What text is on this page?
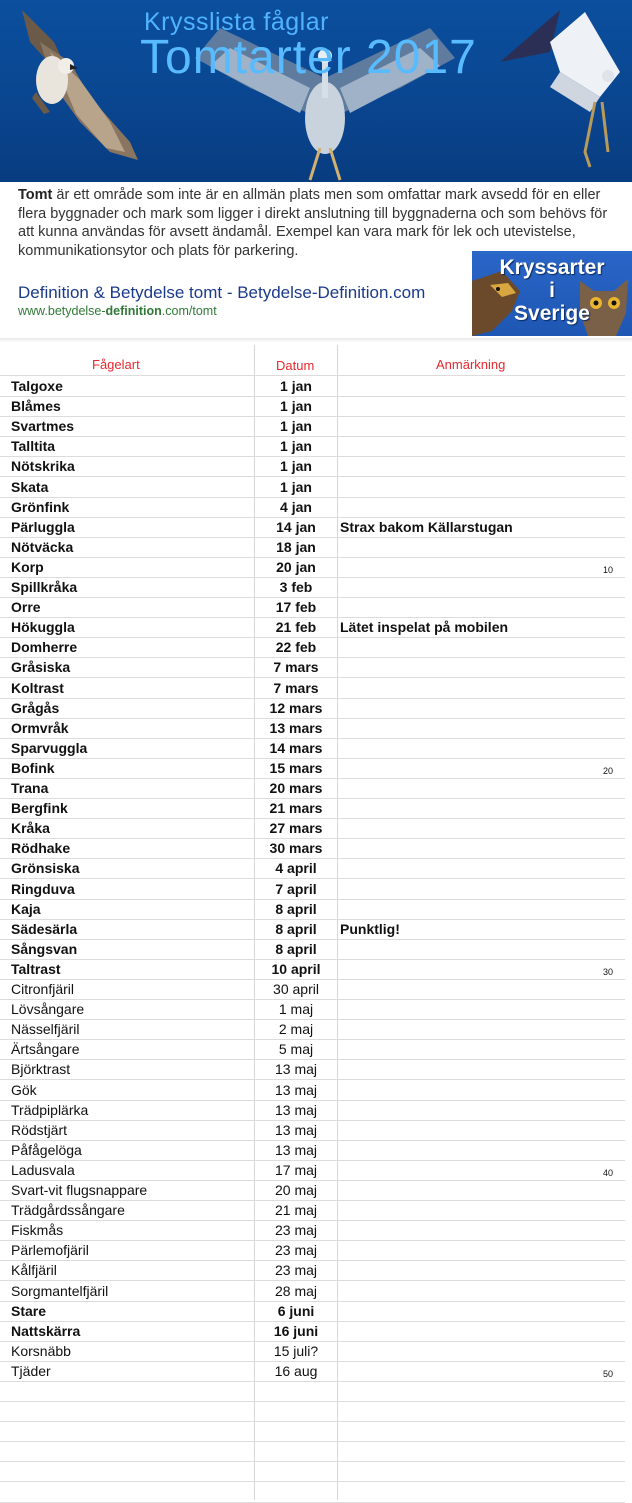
Krysslista fåglar
Tomtarter 2017
Tomt är ett område som inte är en allmän plats men som omfattar mark avsedd för en eller flera byggnader och mark som ligger i direkt anslutning till byggnaderna och som behövs för att kunna användas för avsett ändamål. Exempel kan vara mark för lek och utevistelse, kommunikationsytor och plats för parkering.
Definition & Betydelse tomt - Betydelse-Definition.com
www.betydelse-definition.com/tomt
Kryssarter
i
Sverige
Fågelart	Datum	Anmärkning
Talgoxe	1 jan
Blåmes	1 jan
Svartmes	1 jan
Talltita	1 jan
Nötskrika	1 jan
Skata	1 jan
Grönfink	4 jan
Pärluggla	14 jan	Strax bakom Källarstugan
Nötväcka	18 jan
Korp	20 jan	10
Spillkråka	3 feb
Orre	17 feb
Hökuggla	21 feb	Lätet inspelat på mobilen
Domherre	22 feb
Gråsiska	7 mars
Koltrast	7 mars
Grågås	12 mars
Ormvråk	13 mars
Sparvuggla	14 mars
Bofink	15 mars	20
Trana	20 mars
Bergfink	21 mars
Kråka	27 mars
Rödhake	30 mars
Grönsiska	4 april
Ringduva	7 april
Kaja	8 april
Sädesärla	8 april	Punktlig!
Sångsvan	8 april
Taltrast	10 april	30
Citronfjäril	30 april
Lövsångare	1 maj
Nässelfjäril	2 maj
Ärtsångare	5 maj
Björktrast	13 maj
Gök	13 maj
Trädpiplärka	13 maj
Rödstjärt	13 maj
Påfågelöga	13 maj
Ladusvala	17 maj	40
Svart-vit flugsnappare	20 maj
Trädgårdssångare	21 maj
Fiskmås	23 maj
Pärlemofjäril	23 maj
Kålfjäril	23 maj
Sorgmantelfjäril	28 maj
Stare	6 juni
Nattskärra	16 juni
Korsnäbb	15 juli?
Tjäder	16 aug	50
